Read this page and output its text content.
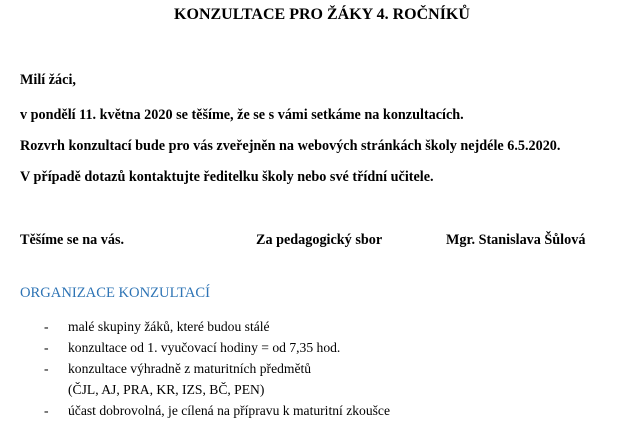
KONZULTACE PRO ŽÁKY 4. ROČNÍKŮ
Milí žáci,
v pondělí 11. května 2020 se těšíme, že se s vámi setkáme na konzultacích.
Rozvrh konzultací bude pro vás zveřejněn na webových stránkách školy nejdéle 6.5.2020.
V případě dotazů kontaktujte ředitelku školy nebo své třídní učitele.
Těšíme se na vás.	Za pedagogický sbor	Mgr. Stanislava Šůlová
ORGANIZACE KONZULTACÍ
- malé skupiny žáků, které budou stálé
- konzultace od 1. vyučovací hodiny = od 7,35 hod.
- konzultace výhradně z maturitních předmětů
(ČJL, AJ, PRA, KR, IZS, BČ, PEN)
- účast dobrovolná, je cílená na přípravu k maturitní zkoušce
